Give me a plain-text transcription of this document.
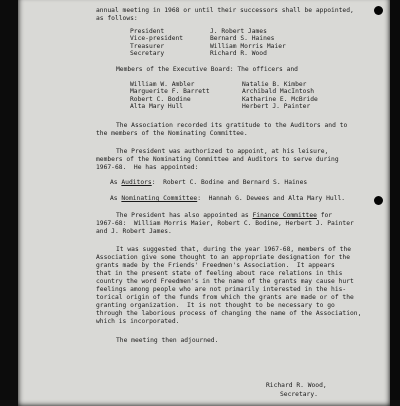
annual meeting in 1968 or until their successors shall be appointed,
as follows:
President
Vice-president
Treasurer
Secretary
J. Robert James
Bernard S. Haines
William Morris Maier
Richard R. Wood
Members of the Executive Board: The officers and
William W. Ambler
Marguerite F. Barrett
Robert C. Bodine
Alta Mary Hull
Natalie B. Kimber
Archibald MacIntosh
Katharine E. McBride
Herbert J. Painter
The Association recorded its gratitude to the Auditors and to
the members of the Nominating Committee.
The President was authorized to appoint, at his leisure,
members of the Nominating Committee and Auditors to serve during
1967-68.  He has appointed:
As Auditors:  Robert C. Bodine and Bernard S. Haines
As Nominating Committee:  Hannah G. Dewees and Alta Mary Hull.
The President has also appointed as Finance Committee for
1967-68:  William Morris Maier, Robert C. Bodine, Herbert J. Painter
and J. Robert James.
It was suggested that, during the year 1967-68, members of the
Association give some thought to an appropriate designation for the
grants made by the Friends' Freedmen's Association.  It appears
that in the present state of feeling about race relations in this
country the word Freedmen's in the name of the grants may cause hurt
feelings among people who are not primarily interested in the his-
torical origin of the funds from which the grants are made or of the
granting organization.  It is not thought to be necessary to go
through the laborious process of changing the name of the Association,
which is incorporated.
The meeting then adjourned.
Richard R. Wood,
Secretary.
